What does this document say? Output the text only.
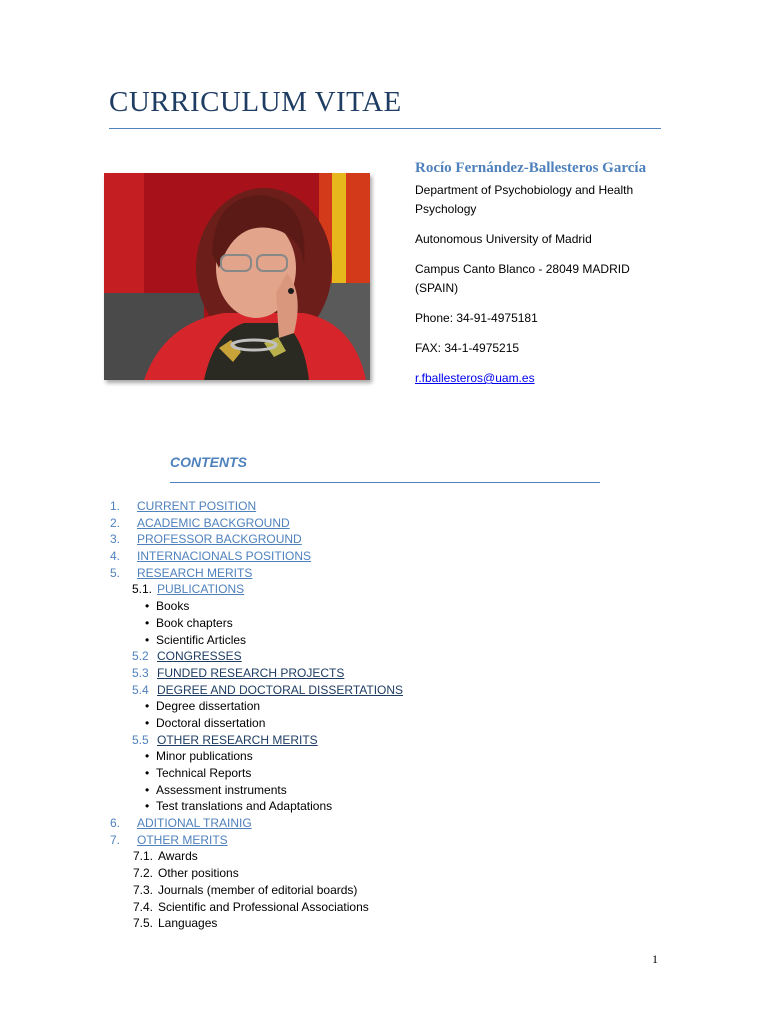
CURRICULUM VITAE
Rocío Fernández-Ballesteros García
Department of Psychobiology and Health Psychology
Autonomous University of Madrid
Campus Canto Blanco - 28049 MADRID (SPAIN)
Phone: 34-91-4975181
FAX: 34-1-4975215
r.fballesteros@uam.es
CONTENTS
1. CURRENT POSITION
2. ACADEMIC BACKGROUND
3. PROFESSOR BACKGROUND
4. INTERNACIONALS POSITIONS
5. RESEARCH MERITS
5.1. PUBLICATIONS
• Books
• Book chapters
• Scientific Articles
5.2 CONGRESSES
5.3 FUNDED RESEARCH PROJECTS
5.4 DEGREE AND DOCTORAL DISSERTATIONS
• Degree dissertation
• Doctoral dissertation
5.5 OTHER RESEARCH MERITS
• Minor publications
• Technical Reports
• Assessment instruments
• Test translations and Adaptations
6. ADITIONAL TRAINIG
7. OTHER MERITS
7.1. Awards
7.2. Other positions
7.3. Journals (member of editorial boards)
7.4. Scientific and Professional Associations
7.5. Languages
1
